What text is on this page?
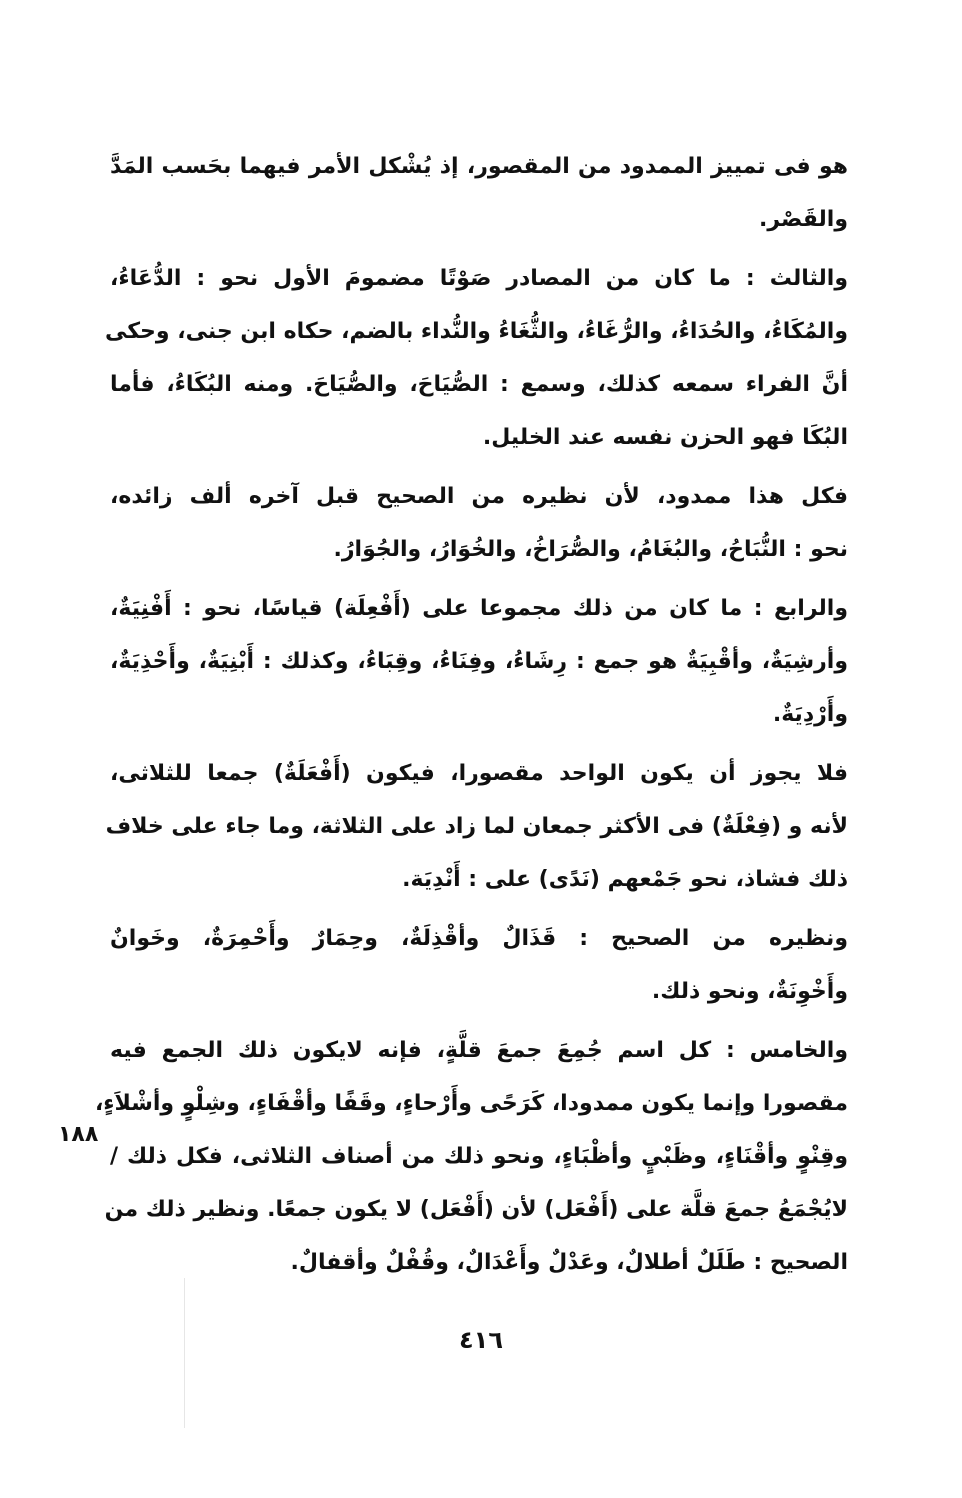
هو فى تمييز الممدود من المقصور، إذ يُشْكل الأمر فيهما بحَسب المَدَّ
والقَصْر.
والثالث : ما كان من المصادر صَوْتًا مضمومَ الأول نحو : الدُّعَاءُ،
والمُكَاءُ، والحُدَاءُ، والرُّغَاءُ، والثُّغَاءُ والنُّداء بالضم، حكاه ابن جنى، وحكى
أنَّ الفراء سمعه كذلك، وسمع : الصُّيَاحَ، والصُّيَاحَ. ومنه البُكَاءُ، فأما
البُكَا فهو الحزن نفسه عند الخليل.
فكل هذا ممدود، لأن نظيره من الصحيح قبل آخره ألف زائده،
نحو : النُّبَاحُ، والبُغَامُ، والصُّرَاخُ، والخُوَارُ، والجُوَارُ.
والرابع : ما كان من ذلك مجموعا على (أَفْعِلَة) قياسًا، نحو : أَفْنِيَةٌ،
وأرشِيَةٌ، وأقْبِيَةٌ هو جمع : رِشَاءُ، وفِنَاءُ، وقِبَاءُ، وكذلك : أَبْنِيَةٌ، وأَحْذِيَةٌ،
وأَرْدِيَةٌ.
فلا يجوز أن يكون الواحد مقصورا، فيكون (أَفْعَلَةٌ) جمعا للثلاثى،
لأنه و (فِعْلَةٌ) فى الأكثر جمعان لما زاد على الثلاثة، وما جاء على خلاف
ذلك فشاذ، نحو جَمْعهم (نَدًى) على : أَنْدِيَة.
ونظيره من الصحيح : قَذَالٌ وأقْذِلَةٌ، وحِمَارٌ وأَحْمِرَةٌ، وخَوانٌ
وأَخْوِنَةٌ، ونحو ذلك.
والخامس : كل اسم جُمِعَ جمعَ قلَّةٍ، فإنه لايكون ذلك الجمع فيه
مقصورا وإنما يكون ممدودا، كَرَحًى وأَرْحاءٍ، وقَفًا وأقْفَاءٍ، وشِلْوٍ وأشْلاَءٍ،
وقِنْوٍ وأقْنَاءٍ، وظَبْيٍ وأظْبَاءٍ، ونحو ذلك من أصناف الثلاثى، فكل ذلك /
لايُجْمَعُ جمعَ قلَّة على (أَفْعَل) لأن (أَفْعَل) لا يكون جمعًا. ونظير ذلك من
الصحيح : طَلَلٌ أطلالٌ، وعَدْلٌ وأَعْدَالٌ، وقُفْلٌ وأقفالٌ.
١٨٨
٤١٦
